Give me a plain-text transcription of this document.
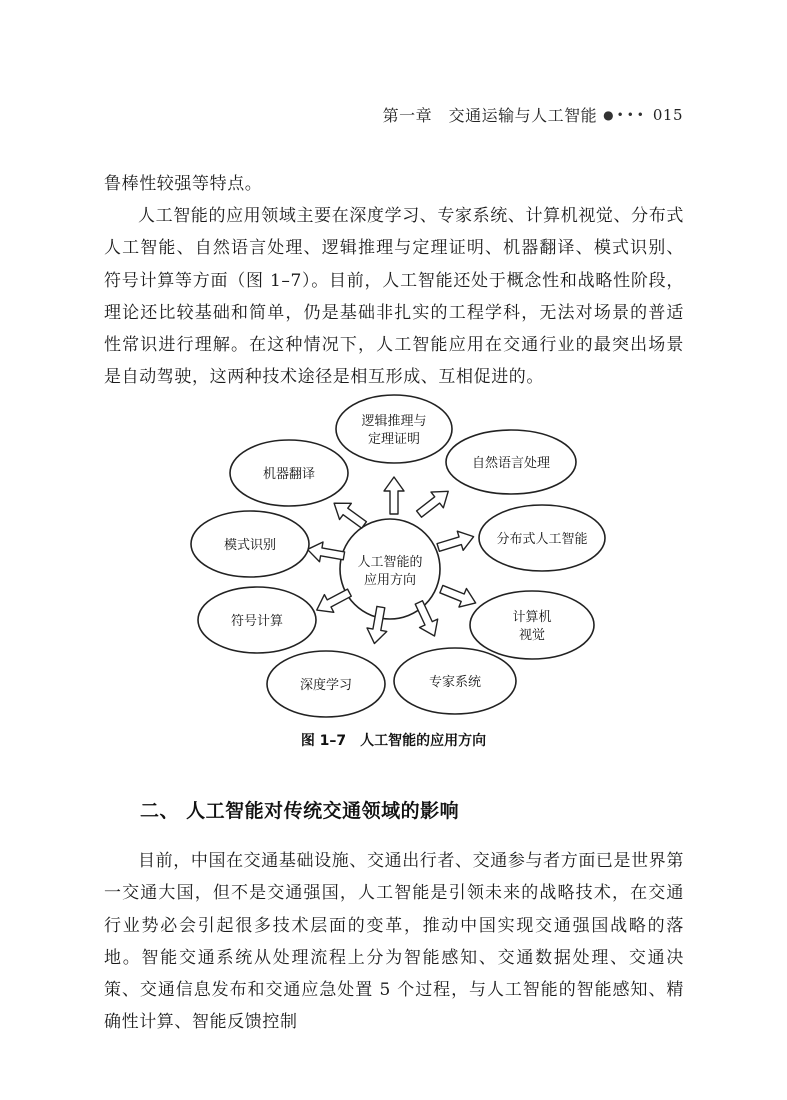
第一章　交通运输与人工智能 ●••• 015

鲁棒性较强等特点。

人工智能的应用领域主要在深度学习、专家系统、计算机视觉、分布式人工智能、自然语言处理、逻辑推理与定理证明、机器翻译、模式识别、符号计算等方面（图 1–7）。目前，人工智能还处于概念性和战略性阶段，理论还比较基础和简单，仍是基础非扎实的工程学科，无法对场景的普适性常识进行理解。在这种情况下，人工智能应用在交通行业的最突出场景是自动驾驶，这两种技术途径是相互形成、互相促进的。

人工智能的
应用方向
逻辑推理与
定理证明
自然语言处理
分布式人工智能
计算机
视觉
专家系统
深度学习
符号计算
模式识别
机器翻译
图 1–7　人工智能的应用方向
二、 人工智能对传统交通领域的影响

目前，中国在交通基础设施、交通出行者、交通参与者方面已是世界第一交通大国，但不是交通强国，人工智能是引领未来的战略技术，在交通行业势必会引起很多技术层面的变革，推动中国实现交通强国战略的落地。智能交通系统从处理流程上分为智能感知、交通数据处理、交通决策、交通信息发布和交通应急处置 5 个过程，与人工智能的智能感知、精确性计算、智能反馈控制
